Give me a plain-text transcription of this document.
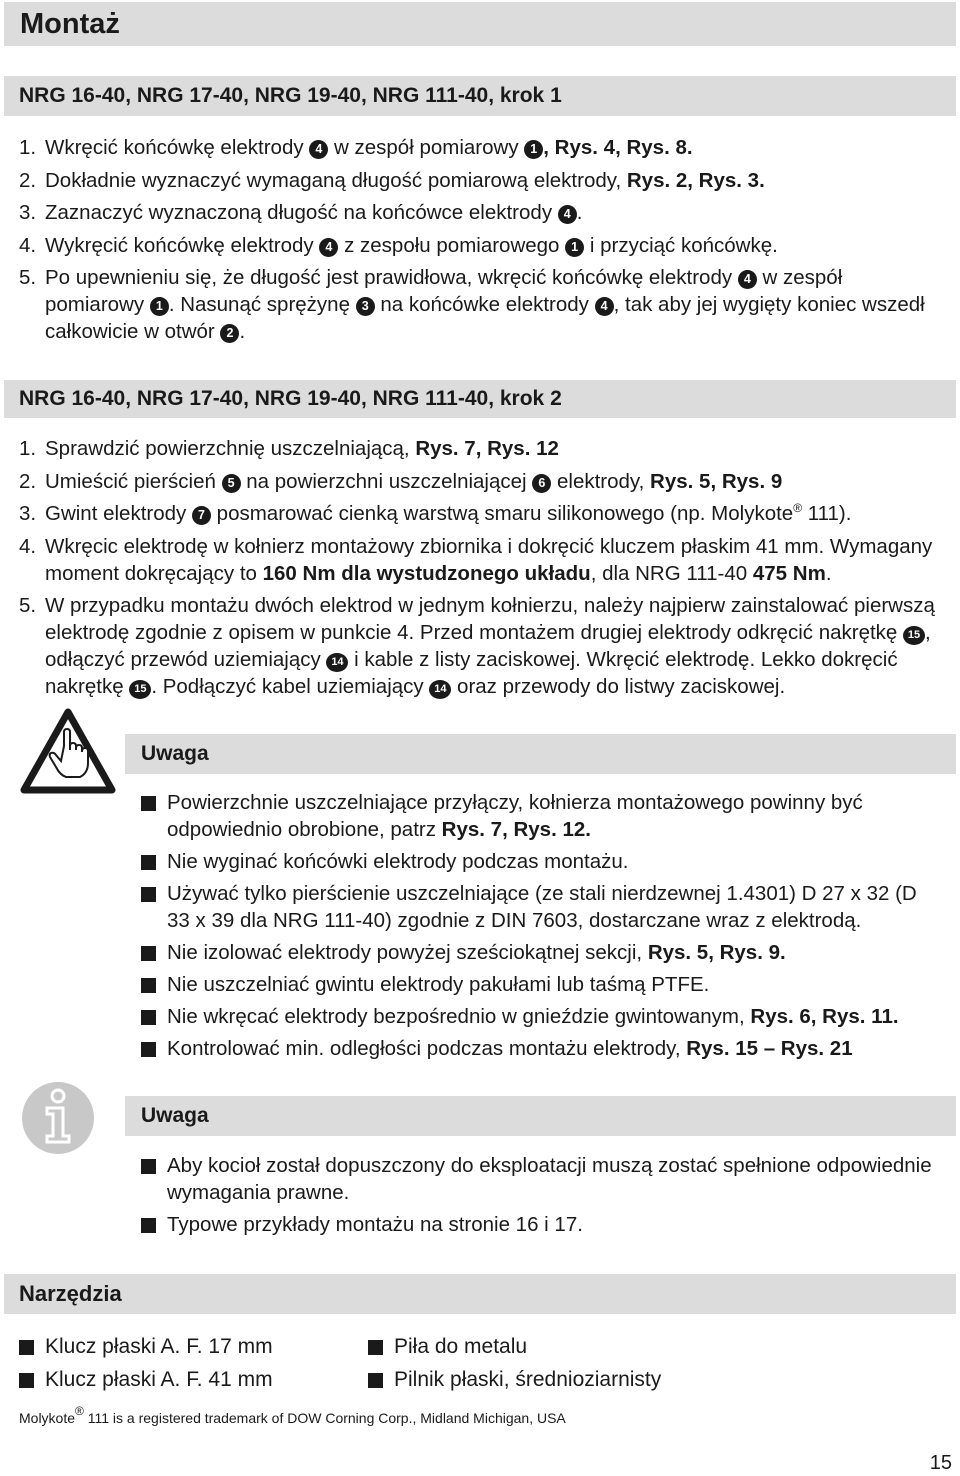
Montaż
NRG 16-40, NRG 17-40, NRG 19-40, NRG 111-40, krok 1
1. Wkręcić końcówkę elektrody 4 w zespół pomiarowy 1 , Rys. 4, Rys. 8.
2. Dokładnie wyznaczyć wymaganą długość pomiarową elektrody, Rys. 2, Rys. 3.
3. Zaznaczyć wyznaczoną długość na końcówce elektrody 4 .
4. Wykręcić końcówkę elektrody 4 z zespołu pomiarowego 1 i przyciąć końcówkę.
5. Po upewnieniu się, że długość jest prawidłowa, wkręcić końcówkę elektrody 4 w zespół pomiarowy 1 . Nasunąć sprężynę 3 na końcówke elektrody 4 , tak aby jej wygięty koniec wszedł całkowicie w otwór 2 .
NRG 16-40, NRG 17-40, NRG 19-40, NRG 111-40, krok 2
1. Sprawdzić powierzchnię uszczelniającą, Rys. 7, Rys. 12
2. Umieścić pierścień 5 na powierzchni uszczelniającej 6 elektrody, Rys. 5, Rys. 9
3. Gwint elektrody 7 posmarować cienką warstwą smaru silikonowego (np. Molykote® 111).
4. Wkręcic elektrodę w kołnierz montażowy zbiornika i dokręcić kluczem płaskim 41 mm. Wymagany moment dokręcający to 160 Nm dla wystudzonego układu, dla NRG 111-40 475 Nm.
5. W przypadku montażu dwóch elektrod w jednym kołnierzu, należy najpierw zainstalować pierwszą elektrodę zgodnie z opisem w punkcie 4. Przed montażem drugiej elektrody odkręcić nakrętkę 15 , odłączyć przewód uziemiający 14 i kable z listy zaciskowej. Wkręcić elektrodę. Lekko dokręcić nakrętkę 15 . Podłączyć kabel uziemiający 14 oraz przewody do listwy zaciskowej.
Uwaga
Powierzchnie uszczelniające przyłączy, kołnierza montażowego powinny być odpowiednio obrobione, patrz Rys. 7, Rys. 12.
Nie wyginać końcówki elektrody podczas montażu.
Używać tylko pierścienie uszczelniające (ze stali nierdzewnej 1.4301) D 27 x 32 (D 33 x 39 dla NRG 111-40) zgodnie z DIN 7603, dostarczane wraz z elektrodą.
Nie izolować elektrody powyżej sześciokątnej sekcji, Rys. 5, Rys. 9.
Nie uszczelniać gwintu elektrody pakułami lub taśmą PTFE.
Nie wkręcać elektrody bezpośrednio w gnieździe gwintowanym, Rys. 6, Rys. 11.
Kontrolować min. odległości podczas montażu elektrody, Rys. 15 – Rys. 21
Uwaga
Aby kocioł został dopuszczony do eksploatacji muszą zostać spełnione odpowiednie wymagania prawne.
Typowe przykłady montażu na stronie 16 i 17.
Narzędzia
Klucz płaski A. F. 17 mm
Klucz płaski A. F. 41 mm
Piła do metalu
Pilnik płaski, średnioziarnisty
Molykote® 111 is a registered trademark of DOW Corning Corp., Midland Michigan, USA
15
